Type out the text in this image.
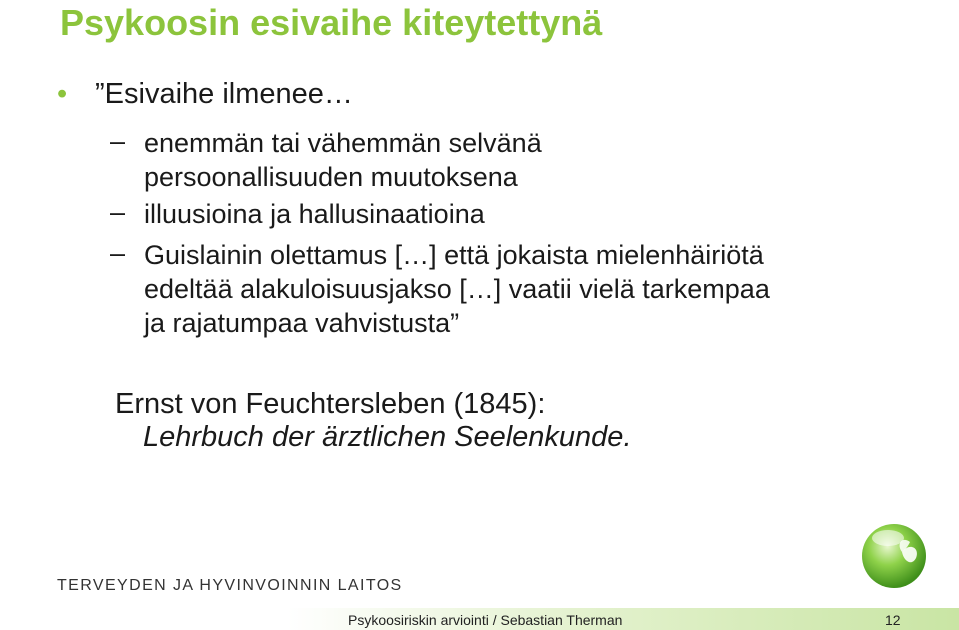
Psykoosin esivaihe kiteytettynä
• ”Esivaihe ilmenee…
– enemmän tai vähemmän selvänä
persoonallisuuden muutoksena
– illuusioina ja hallusinaatioina
– Guislainin olettamus […] että jokaista mielenhäiriötä
edeltää alakuloisuusjakso […] vaatii vielä tarkempaa
ja rajatumpaa vahvistusta”
Ernst von Feuchtersleben (1845):
Lehrbuch der ärztlichen Seelenkunde.
TERVEYDEN JA HYVINVOINNIN LAITOS
Psykoosiriskin arviointi / Sebastian Therman	12
